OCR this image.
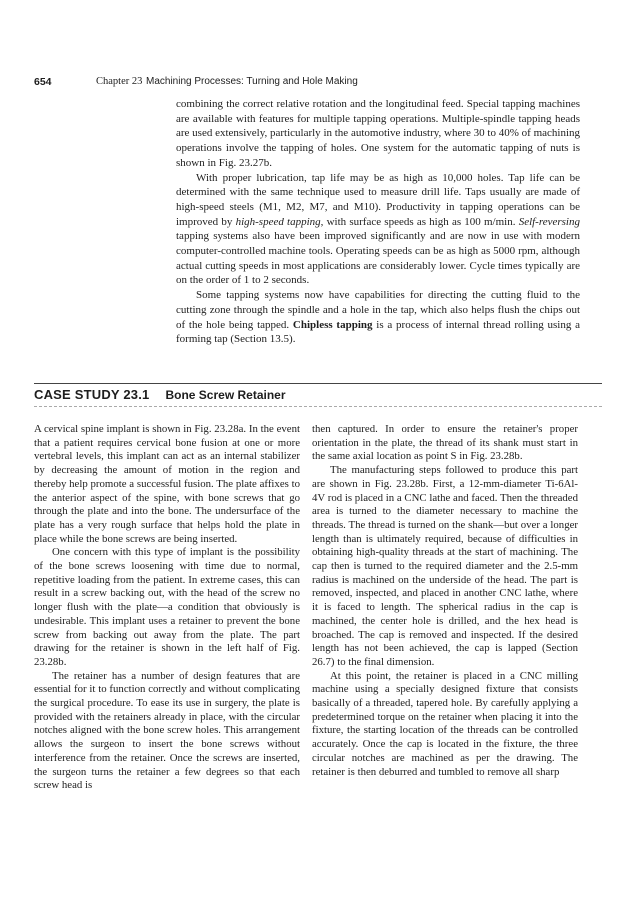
654	Chapter 23 Machining Processes: Turning and Hole Making

combining the correct relative rotation and the longitudinal feed. Special tapping machines are available with features for multiple tapping operations. Multiple-spindle tapping heads are used extensively, particularly in the automotive industry, where 30 to 40% of machining operations involve the tapping of holes. One system for the automatic tapping of nuts is shown in Fig. 23.27b.

With proper lubrication, tap life may be as high as 10,000 holes. Tap life can be determined with the same technique used to measure drill life. Taps usually are made of high-speed steels (M1, M2, M7, and M10). Productivity in tapping operations can be improved by high-speed tapping, with surface speeds as high as 100 m/min. Self-reversing tapping systems also have been improved significantly and are now in use with modern computer-controlled machine tools. Operating speeds can be as high as 5000 rpm, although actual cutting speeds in most applications are considerably lower. Cycle times typically are on the order of 1 to 2 seconds.

Some tapping systems now have capabilities for directing the cutting fluid to the cutting zone through the spindle and a hole in the tap, which also helps flush the chips out of the hole being tapped. Chipless tapping is a process of internal thread rolling using a forming tap (Section 13.5).

CASE STUDY 23.1 Bone Screw Retainer

A cervical spine implant is shown in Fig. 23.28a. In the event that a patient requires cervical bone fusion at one or more vertebral levels, this implant can act as an internal stabilizer by decreasing the amount of motion in the region and thereby help promote a successful fusion. The plate affixes to the anterior aspect of the spine, with bone screws that go through the plate and into the bone. The undersurface of the plate has a very rough surface that helps hold the plate in place while the bone screws are being inserted.

One concern with this type of implant is the possibility of the bone screws loosening with time due to normal, repetitive loading from the patient. In extreme cases, this can result in a screw backing out, with the head of the screw no longer flush with the plate—a condition that obviously is undesirable. This implant uses a retainer to prevent the bone screw from backing out away from the plate. The part drawing for the retainer is shown in the left half of Fig. 23.28b.

The retainer has a number of design features that are essential for it to function correctly and without complicating the surgical procedure. To ease its use in surgery, the plate is provided with the retainers already in place, with the circular notches aligned with the bone screw holes. This arrangement allows the surgeon to insert the bone screws without interference from the retainer. Once the screws are inserted, the surgeon turns the retainer a few degrees so that each screw head is

then captured. In order to ensure the retainer's proper orientation in the plate, the thread of its shank must start in the same axial location as point S in Fig. 23.28b.

The manufacturing steps followed to produce this part are shown in Fig. 23.28b. First, a 12-mm-diameter Ti-6Al-4V rod is placed in a CNC lathe and faced. Then the threaded area is turned to the diameter necessary to machine the threads. The thread is turned on the shank—but over a longer length than is ultimately required, because of difficulties in obtaining high-quality threads at the start of machining. The cap then is turned to the required diameter and the 2.5-mm radius is machined on the underside of the head. The part is removed, inspected, and placed in another CNC lathe, where it is faced to length. The spherical radius in the cap is machined, the center hole is drilled, and the hex head is broached. The cap is removed and inspected. If the desired length has not been achieved, the cap is lapped (Section 26.7) to the final dimension.

At this point, the retainer is placed in a CNC milling machine using a specially designed fixture that consists basically of a threaded, tapered hole. By carefully applying a predetermined torque on the retainer when placing it into the fixture, the starting location of the threads can be controlled accurately. Once the cap is located in the fixture, the three circular notches are machined as per the drawing. The retainer is then deburred and tumbled to remove all sharp
